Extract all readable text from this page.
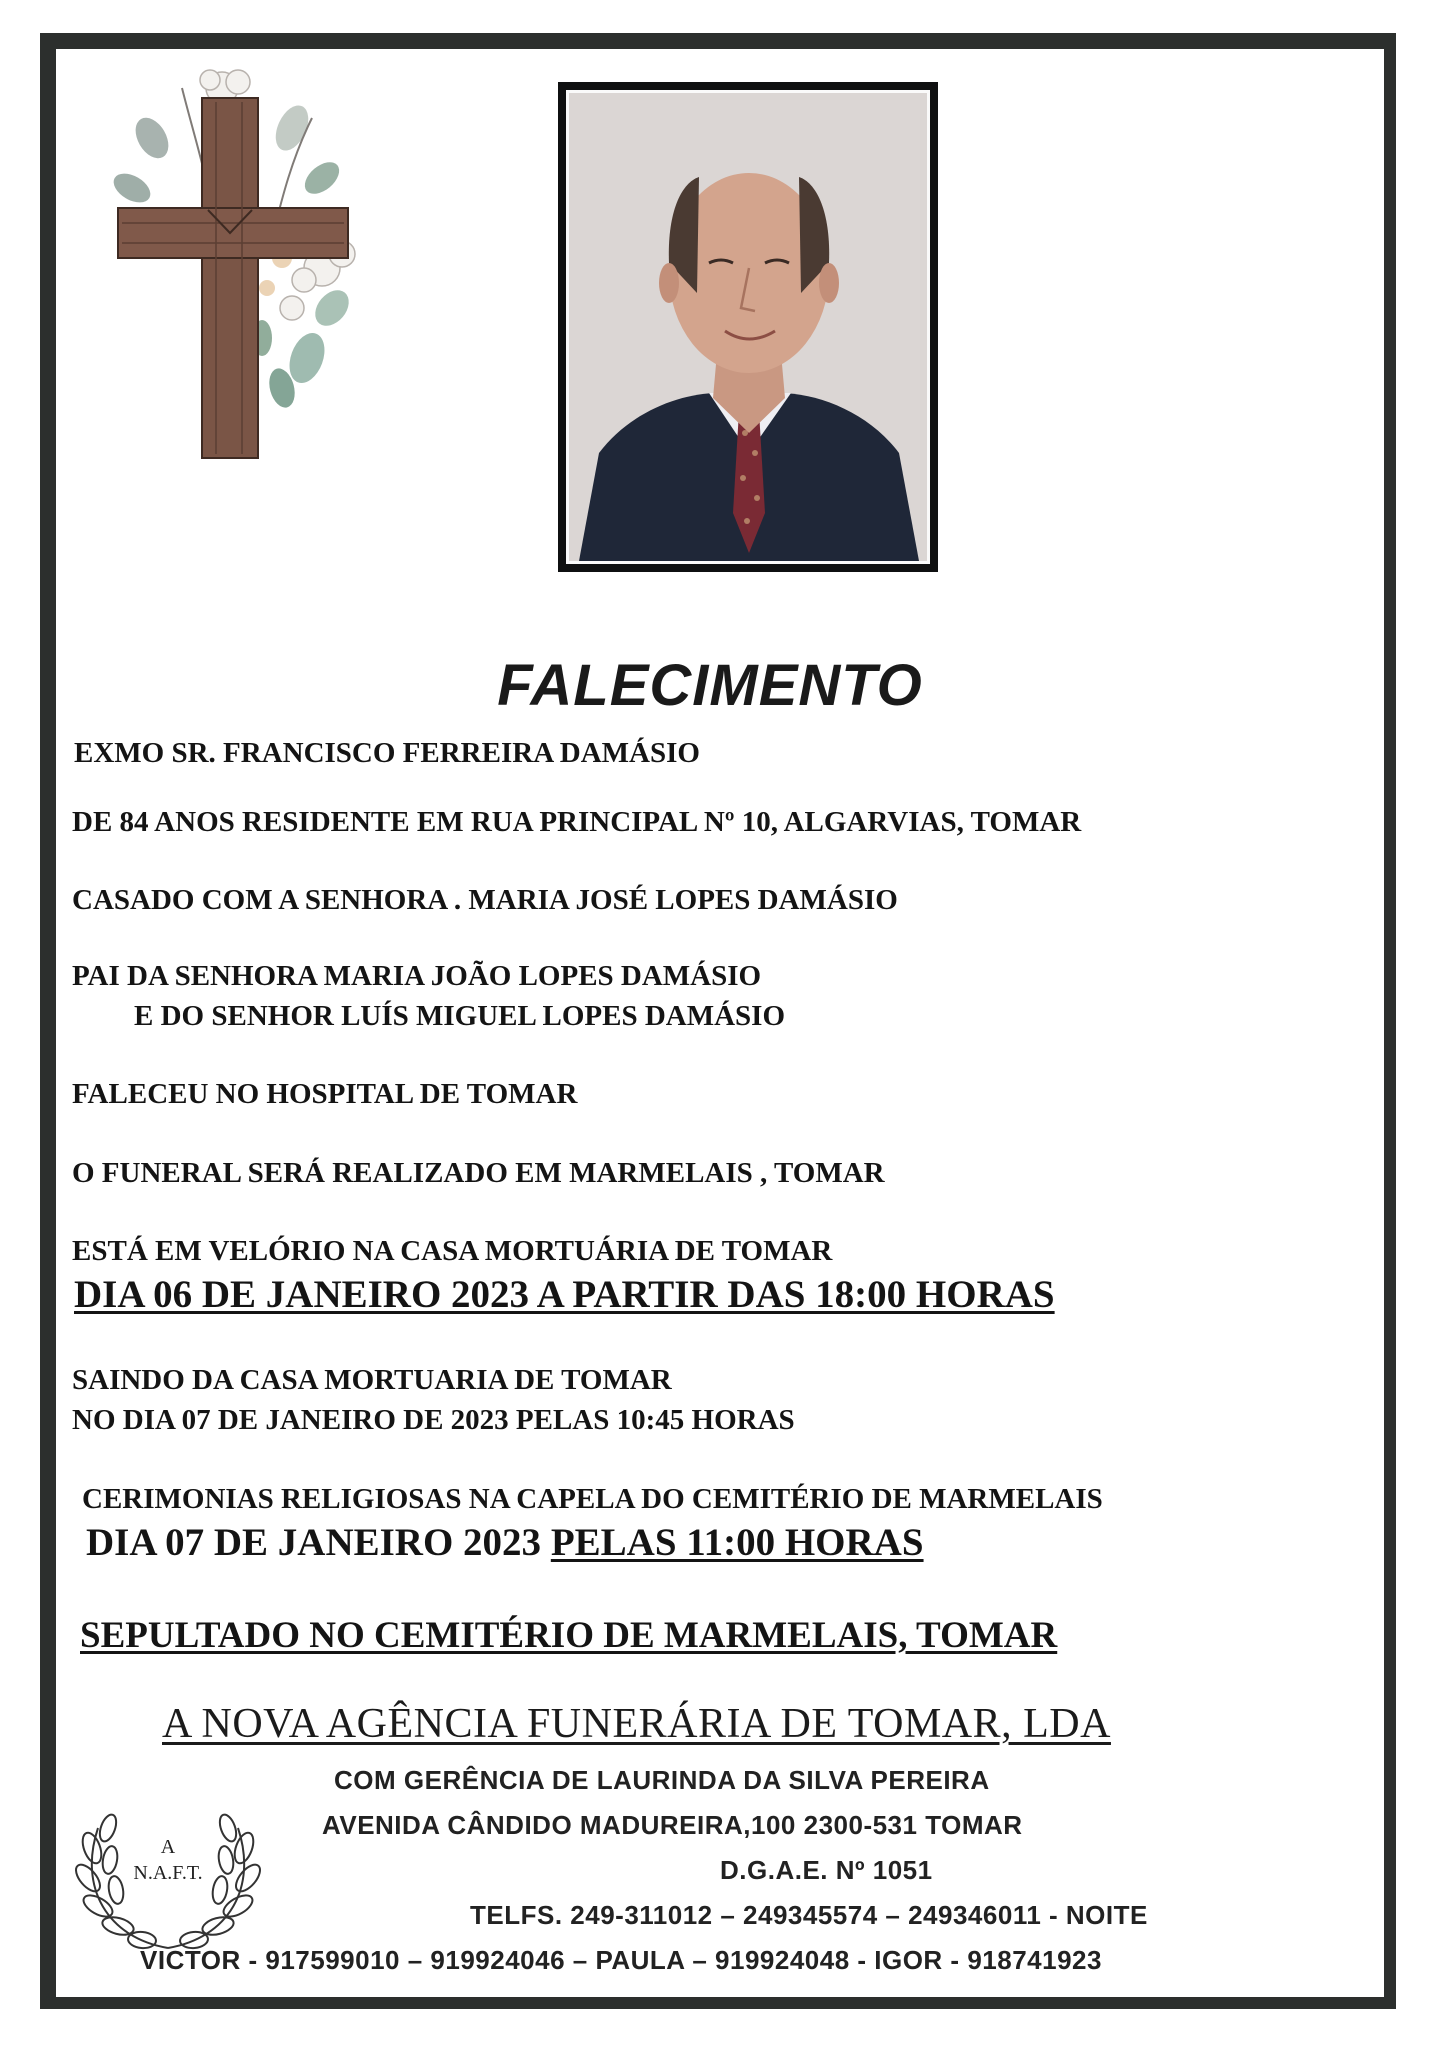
FALECIMENTO
EXMO SR. FRANCISCO FERREIRA DAMÁSIO
DE 84 ANOS RESIDENTE EM RUA PRINCIPAL Nº 10, ALGARVIAS, TOMAR
CASADO COM A SENHORA . MARIA JOSÉ LOPES DAMÁSIO
PAI DA SENHORA MARIA JOÃO LOPES DAMÁSIO
E DO SENHOR LUÍS MIGUEL LOPES DAMÁSIO
FALECEU NO HOSPITAL DE TOMAR
O FUNERAL SERÁ REALIZADO EM MARMELAIS , TOMAR
ESTÁ EM VELÓRIO NA CASA MORTUÁRIA DE TOMAR
DIA 06 DE JANEIRO 2023 A PARTIR DAS 18:00 HORAS
SAINDO DA CASA MORTUARIA DE TOMAR
NO DIA 07 DE JANEIRO DE 2023 PELAS 10:45 HORAS
CERIMONIAS RELIGIOSAS NA CAPELA DO CEMITÉRIO DE MARMELAIS
DIA 07 DE JANEIRO 2023 PELAS 11:00 HORAS
SEPULTADO NO CEMITÉRIO DE MARMELAIS, TOMAR
A NOVA AGÊNCIA FUNERÁRIA DE TOMAR, LDA
COM GERÊNCIA DE LAURINDA DA SILVA PEREIRA
AVENIDA CÂNDIDO MADUREIRA,100 2300-531 TOMAR
D.G.A.E. Nº 1051
TELFS. 249-311012 – 249345574 – 249346011 - NOITE
VICTOR - 917599010 – 919924046 – PAULA – 919924048 - IGOR - 918741923
A
N.A.F.T.
